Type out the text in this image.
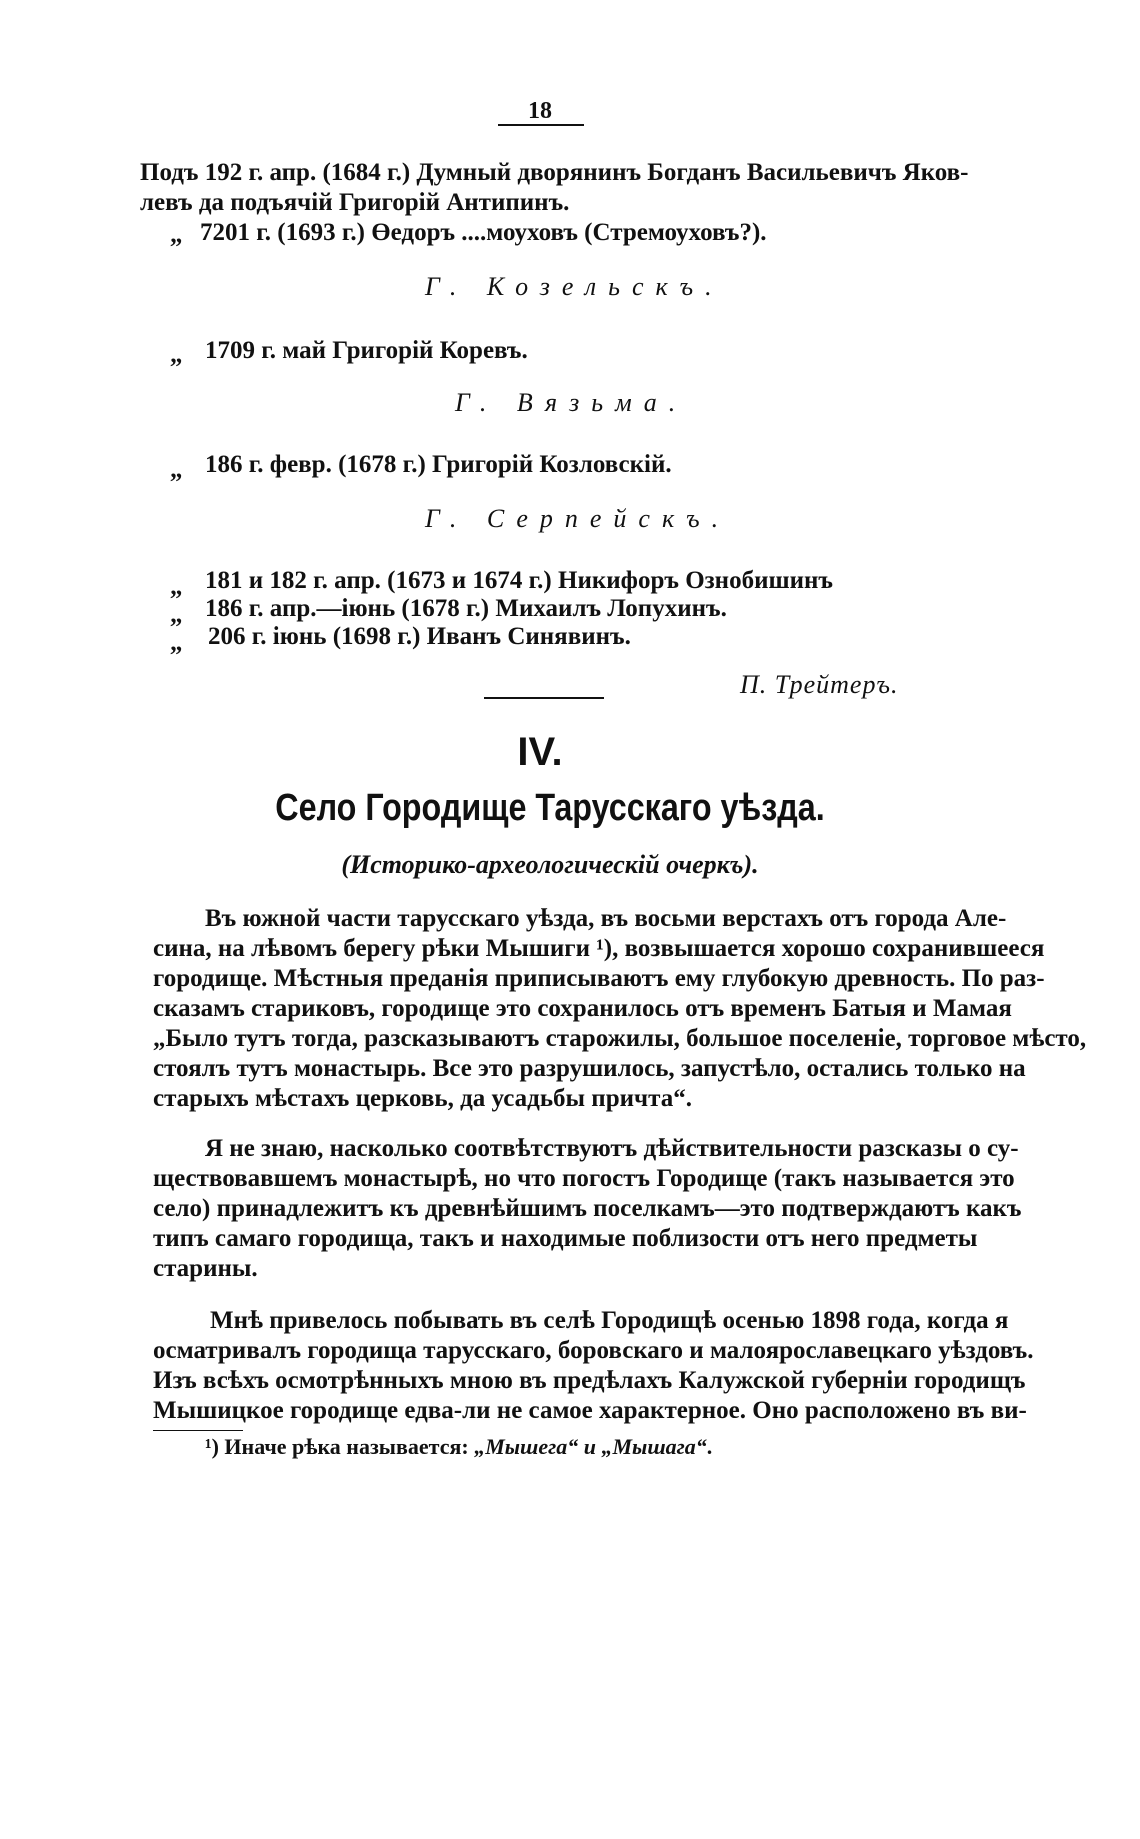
18
Подъ 192 г. апр. (1684 г.) Думный дворянинъ Богданъ Васильевичъ Яков-
левъ да подъячій Григорій Антипинъ.
„ 7201 г. (1693 г.) Өедоръ ....моуховъ (Стремоуховъ?).
Г. Козельскъ.
„ 1709 г. май Григорій Коревъ.
Г. Вязьма.
„ 186 г. февр. (1678 г.) Григорій Козловскій.
Г. Серпейскъ.
„ 181 и 182 г. апр. (1673 и 1674 г.) Никифоръ Ознобишинъ
„ 186 г. апр.—іюнь (1678 г.) Михаилъ Лопухинъ.
„ 206 г. іюнь (1698 г.) Иванъ Синявинъ.
П. Трейтеръ.
IV.
Село Городище Тарусскаго уѣзда.
(Историко-археологическій очеркъ).
Въ южной части тарусскаго уѣзда, въ восьми верстахъ отъ города Але-
сина, на лѣвомъ берегу рѣки Мышиги ¹), возвышается хорошо сохранившееся
городище. Мѣстныя преданія приписываютъ ему глубокую древность. По раз-
сказамъ стариковъ, городище это сохранилось отъ временъ Батыя и Мамая
„Было тутъ тогда, разсказываютъ старожилы, большое поселеніе, торговое мѣсто,
стоялъ тутъ монастырь. Все это разрушилось, запустѣло, остались только на
старыхъ мѣстахъ церковь, да усадьбы причта“.
Я не знаю, насколько соотвѣтствуютъ дѣйствительности разсказы о су-
ществовавшемъ монастырѣ, но что погостъ Городище (такъ называется это
село) принадлежитъ къ древнѣйшимъ поселкамъ—это подтверждаютъ какъ
типъ самаго городища, такъ и находимые поблизости отъ него предметы
старины.
Мнѣ привелось побывать въ селѣ Городищѣ осенью 1898 года, когда я
осматривалъ городища тарусскаго, боровскаго и малоярославецкаго уѣздовъ.
Изъ всѣхъ осмотрѣнныхъ мною въ предѣлахъ Калужской губерніи городищъ
Мышицкое городище едва-ли не самое характерное. Оно расположено въ ви-
¹) Иначе рѣка называется: „Мышега“ и „Мышага“.
